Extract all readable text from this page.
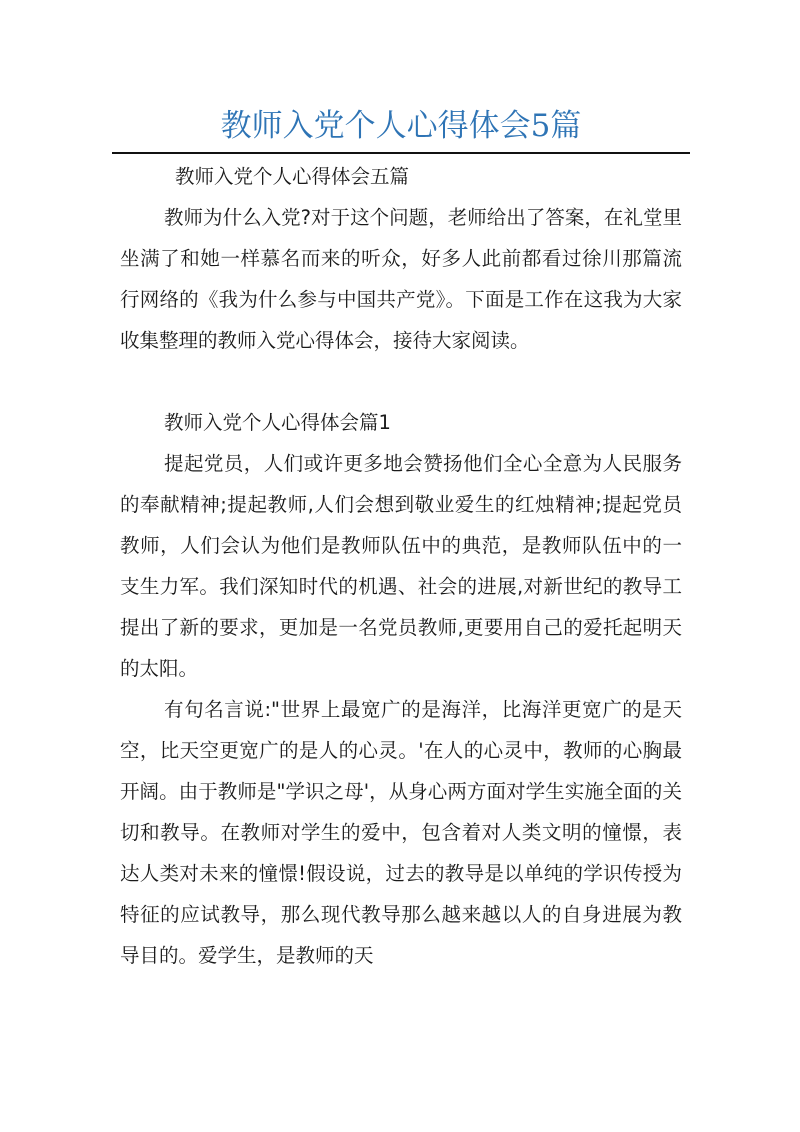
教师入党个人心得体会5篇

教师入党个人心得体会五篇

教师为什么入党?对于这个问题，老师给出了答案，在礼堂里坐满了和她一样慕名而来的听众，好多人此前都看过徐川那篇流行网络的《我为什么参与中国共产党》。下面是工作在这我为大家收集整理的教师入党心得体会，接待大家阅读。

教师入党个人心得体会篇1

提起党员，人们或许更多地会赞扬他们全心全意为人民服务的奉献精神;提起教师,人们会想到敬业爱生的红烛精神;提起党员教师，人们会认为他们是教师队伍中的典范，是教师队伍中的一支生力军。我们深知时代的机遇、社会的进展,对新世纪的教导工提出了新的要求，更加是一名党员教师,更要用自己的爱托起明天的太阳。

有句名言说:"世界上最宽广的是海洋，比海洋更宽广的是天空，比天空更宽广的是人的心灵。'在人的心灵中，教师的心胸最开阔。由于教师是"学识之母'，从身心两方面对学生实施全面的关切和教导。在教师对学生的爱中，包含着对人类文明的憧憬，表达人类对未来的憧憬!假设说，过去的教导是以单纯的学识传授为特征的应试教导，那么现代教导那么越来越以人的自身进展为教导目的。爱学生，是教师的天
